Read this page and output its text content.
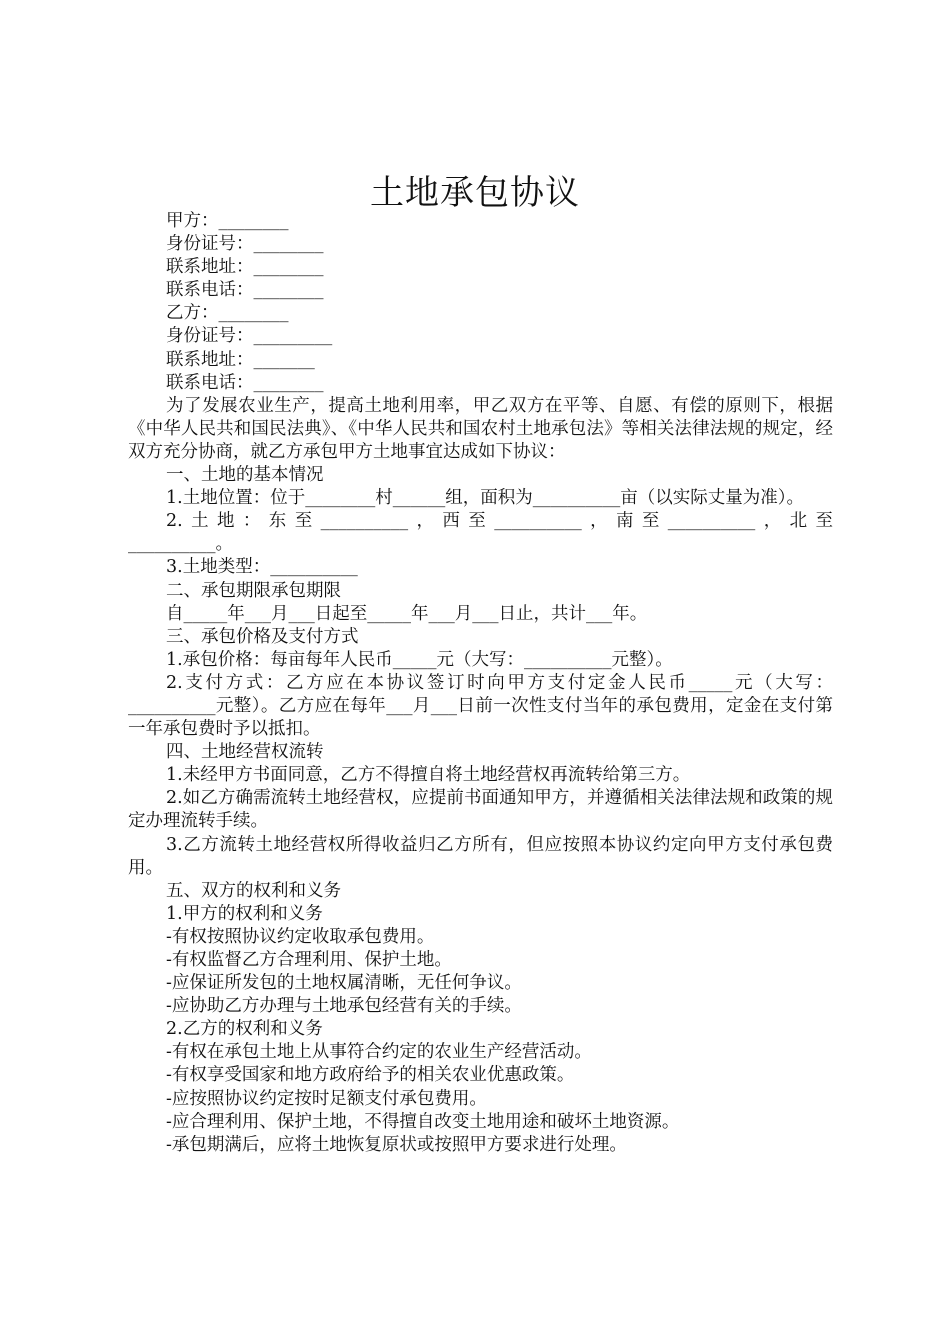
土地承包协议

甲方：________

身份证号：________

联系地址：________

联系电话：________

乙方：________

身份证号：_________

联系地址：_______

联系电话：________

为了发展农业生产，提高土地利用率，甲乙双方在平等、自愿、有偿的原则下，根据《中华人民共和国民法典》、《中华人民共和国农村土地承包法》等相关法律法规的规定，经双方充分协商，就乙方承包甲方土地事宜达成如下协议：

一、土地的基本情况

1.土地位置：位于________村______组，面积为__________亩（以实际丈量为准）。

2.土地：东至__________，西至__________，南至__________，北至

__________。

3.土地类型：__________

二、承包期限承包期限

自_____年___月___日起至_____年___月___日止，共计___年。

三、承包价格及支付方式

1.承包价格：每亩每年人民币_____元（大写：__________元整）。

2.支付方式：乙方应在本协议签订时向甲方支付定金人民币_____元（大写：__________元整）。乙方应在每年___月___日前一次性支付当年的承包费用，定金在支付第一年承包费时予以抵扣。

四、土地经营权流转

1.未经甲方书面同意，乙方不得擅自将土地经营权再流转给第三方。

2.如乙方确需流转土地经营权，应提前书面通知甲方，并遵循相关法律法规和政策的规定办理流转手续。

3.乙方流转土地经营权所得收益归乙方所有，但应按照本协议约定向甲方支付承包费用。

五、双方的权利和义务

1.甲方的权利和义务

-有权按照协议约定收取承包费用。

-有权监督乙方合理利用、保护土地。

-应保证所发包的土地权属清晰，无任何争议。

-应协助乙方办理与土地承包经营有关的手续。

2.乙方的权利和义务

-有权在承包土地上从事符合约定的农业生产经营活动。

-有权享受国家和地方政府给予的相关农业优惠政策。

-应按照协议约定按时足额支付承包费用。

-应合理利用、保护土地，不得擅自改变土地用途和破坏土地资源。

-承包期满后，应将土地恢复原状或按照甲方要求进行处理。
